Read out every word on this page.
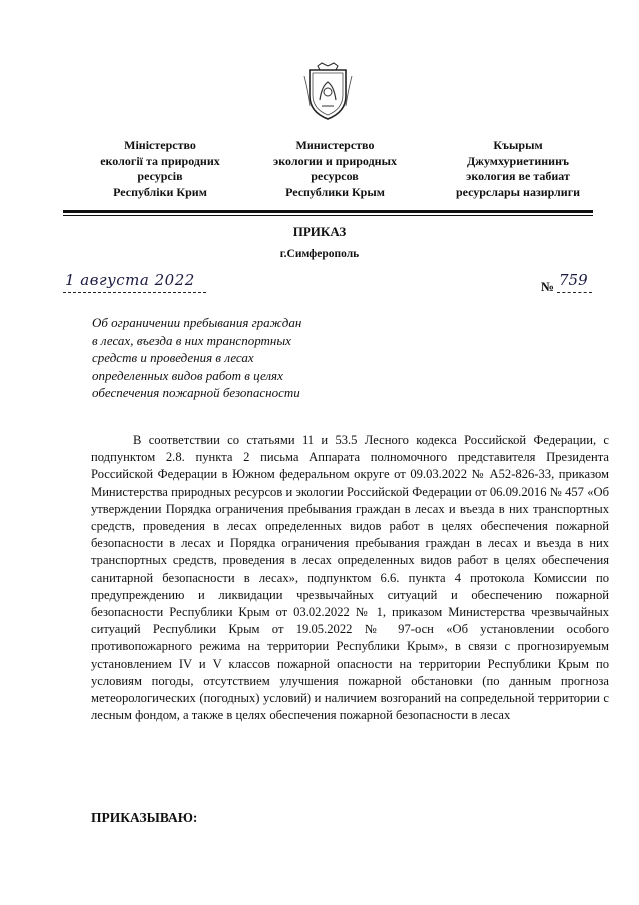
Міністерство
екології та природних
ресурсів
Республіки Крим
Министерство
экологии и природных
ресурсов
Республики Крым
Къырым
Джумхуриетининъ
экология ве табиат
ресурслары назирлиги
ПРИКАЗ
г.Симферополь
1 августа 2022	№ 759
Об ограничении пребывания граждан
в лесах, въезда в них транспортных
средств и проведения в лесах
определенных видов работ в целях
обеспечения пожарной безопасности

В соответствии со статьями 11 и 53.5 Лесного кодекса Российской Федерации, с подпунктом 2.8. пункта 2 письма Аппарата полномочного представителя Президента Российской Федерации в Южном федеральном округе от 09.03.2022 № А52-826-33, приказом Министерства природных ресурсов и экологии Российской Федерации от 06.09.2016 № 457 «Об утверждении Порядка ограничения пребывания граждан в лесах и въезда в них транспортных средств, проведения в лесах определенных видов работ в целях обеспечения пожарной безопасности в лесах и Порядка ограничения пребывания граждан в лесах и въезда в них транспортных средств, проведения в лесах определенных видов работ в целях обеспечения санитарной безопасности в лесах», подпунктом 6.6. пункта 4 протокола Комиссии по предупреждению и ликвидации чрезвычайных ситуаций и обеспечению пожарной безопасности Республики Крым от 03.02.2022 № 1, приказом Министерства чрезвычайных ситуаций Республики Крым от 19.05.2022 № 97-осн «Об установлении особого противопожарного режима на территории Республики Крым», в связи с прогнозируемым установлением IV и V классов пожарной опасности на территории Республики Крым по условиям погоды, отсутствием улучшения пожарной обстановки (по данным прогноза метеорологических (погодных) условий) и наличием возгораний на сопредельной территории с лесным фондом, а также в целях обеспечения пожарной безопасности в лесах

ПРИКАЗЫВАЮ:
